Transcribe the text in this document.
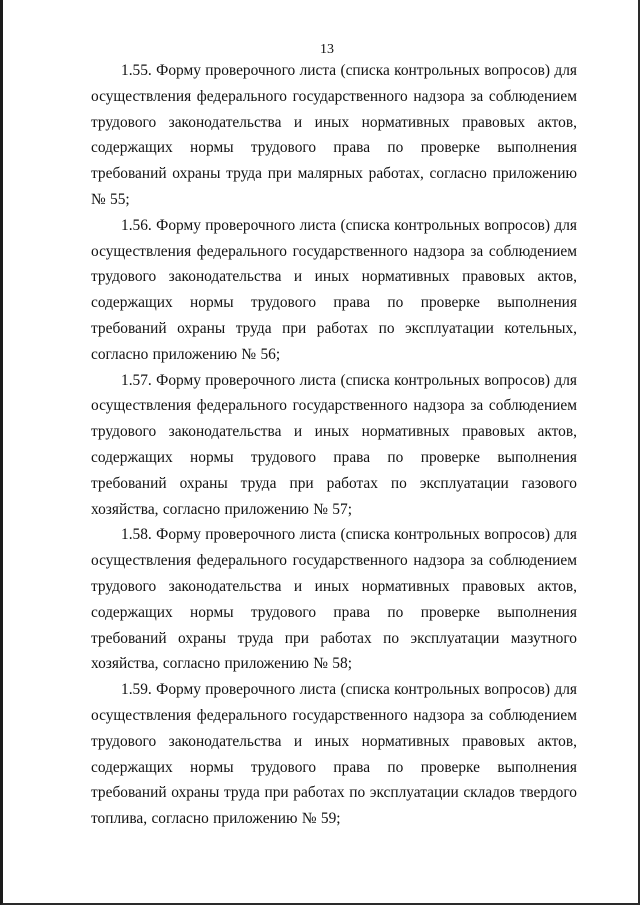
13

1.55. Форму проверочного листа (списка контрольных вопросов) для осуществления федерального государственного надзора за соблюдением трудового законодательства и иных нормативных правовых актов, содержащих нормы трудового права по проверке выполнения требований охраны труда при малярных работах, согласно приложению № 55;

1.56. Форму проверочного листа (списка контрольных вопросов) для осуществления федерального государственного надзора за соблюдением трудового законодательства и иных нормативных правовых актов, содержащих нормы трудового права по проверке выполнения требований охраны труда при работах по эксплуатации котельных, согласно приложению № 56;

1.57. Форму проверочного листа (списка контрольных вопросов) для осуществления федерального государственного надзора за соблюдением трудового законодательства и иных нормативных правовых актов, содержащих нормы трудового права по проверке выполнения требований охраны труда при работах по эксплуатации газового хозяйства, согласно приложению № 57;

1.58. Форму проверочного листа (списка контрольных вопросов) для осуществления федерального государственного надзора за соблюдением трудового законодательства и иных нормативных правовых актов, содержащих нормы трудового права по проверке выполнения требований охраны труда при работах по эксплуатации мазутного хозяйства, согласно приложению № 58;

1.59. Форму проверочного листа (списка контрольных вопросов) для осуществления федерального государственного надзора за соблюдением трудового законодательства и иных нормативных правовых актов, содержащих нормы трудового права по проверке выполнения требований охраны труда при работах по эксплуатации складов твердого топлива, согласно приложению № 59;
